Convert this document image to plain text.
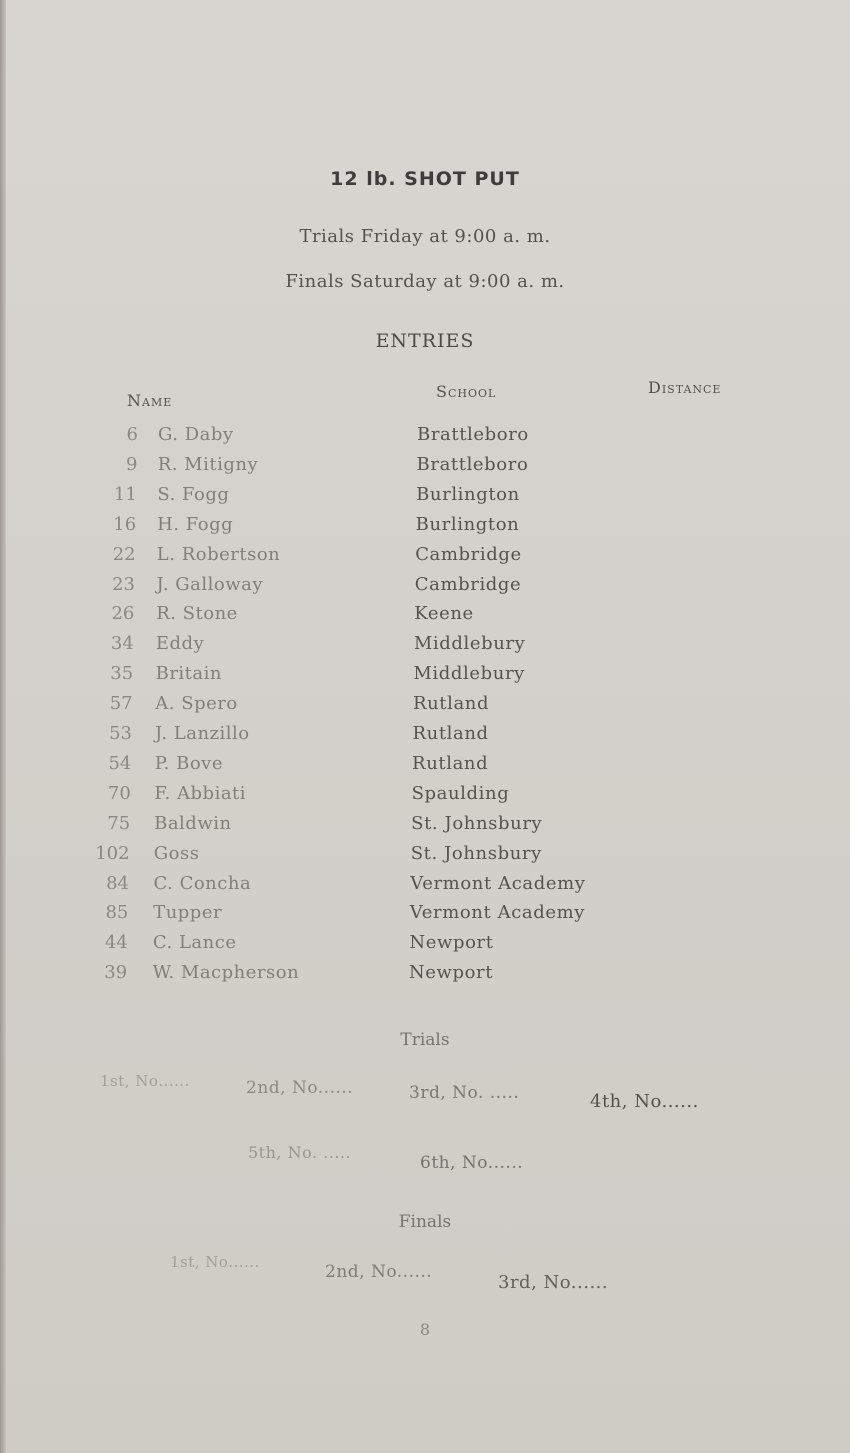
12 lb. SHOT PUT
Trials Friday at 9:00 a. m.
Finals Saturday at 9:00 a. m.
ENTRIES
Name	School	Distance
6 G. Daby	Brattleboro
9 R. Mitigny	Brattleboro
11 S. Fogg	Burlington
16 H. Fogg	Burlington
22 L. Robertson	Cambridge
23 J. Galloway	Cambridge
26 R. Stone	Keene
34 Eddy	Middlebury
35 Britain	Middlebury
57 A. Spero	Rutland
53 J. Lanzillo	Rutland
54 P. Bove	Rutland
70 F. Abbiati	Spaulding
75 Baldwin	St. Johnsbury
102 Goss	St. Johnsbury
84 C. Concha	Vermont Academy
85 Tupper	Vermont Academy
44 C. Lance	Newport
39 W. Macpherson	Newport
Trials
1st, No......	2nd, No......	3rd, No. .....	4th, No......
5th, No. .....
6th, No......
Finals
1st, No......	2nd, No......	3rd, No......
8
